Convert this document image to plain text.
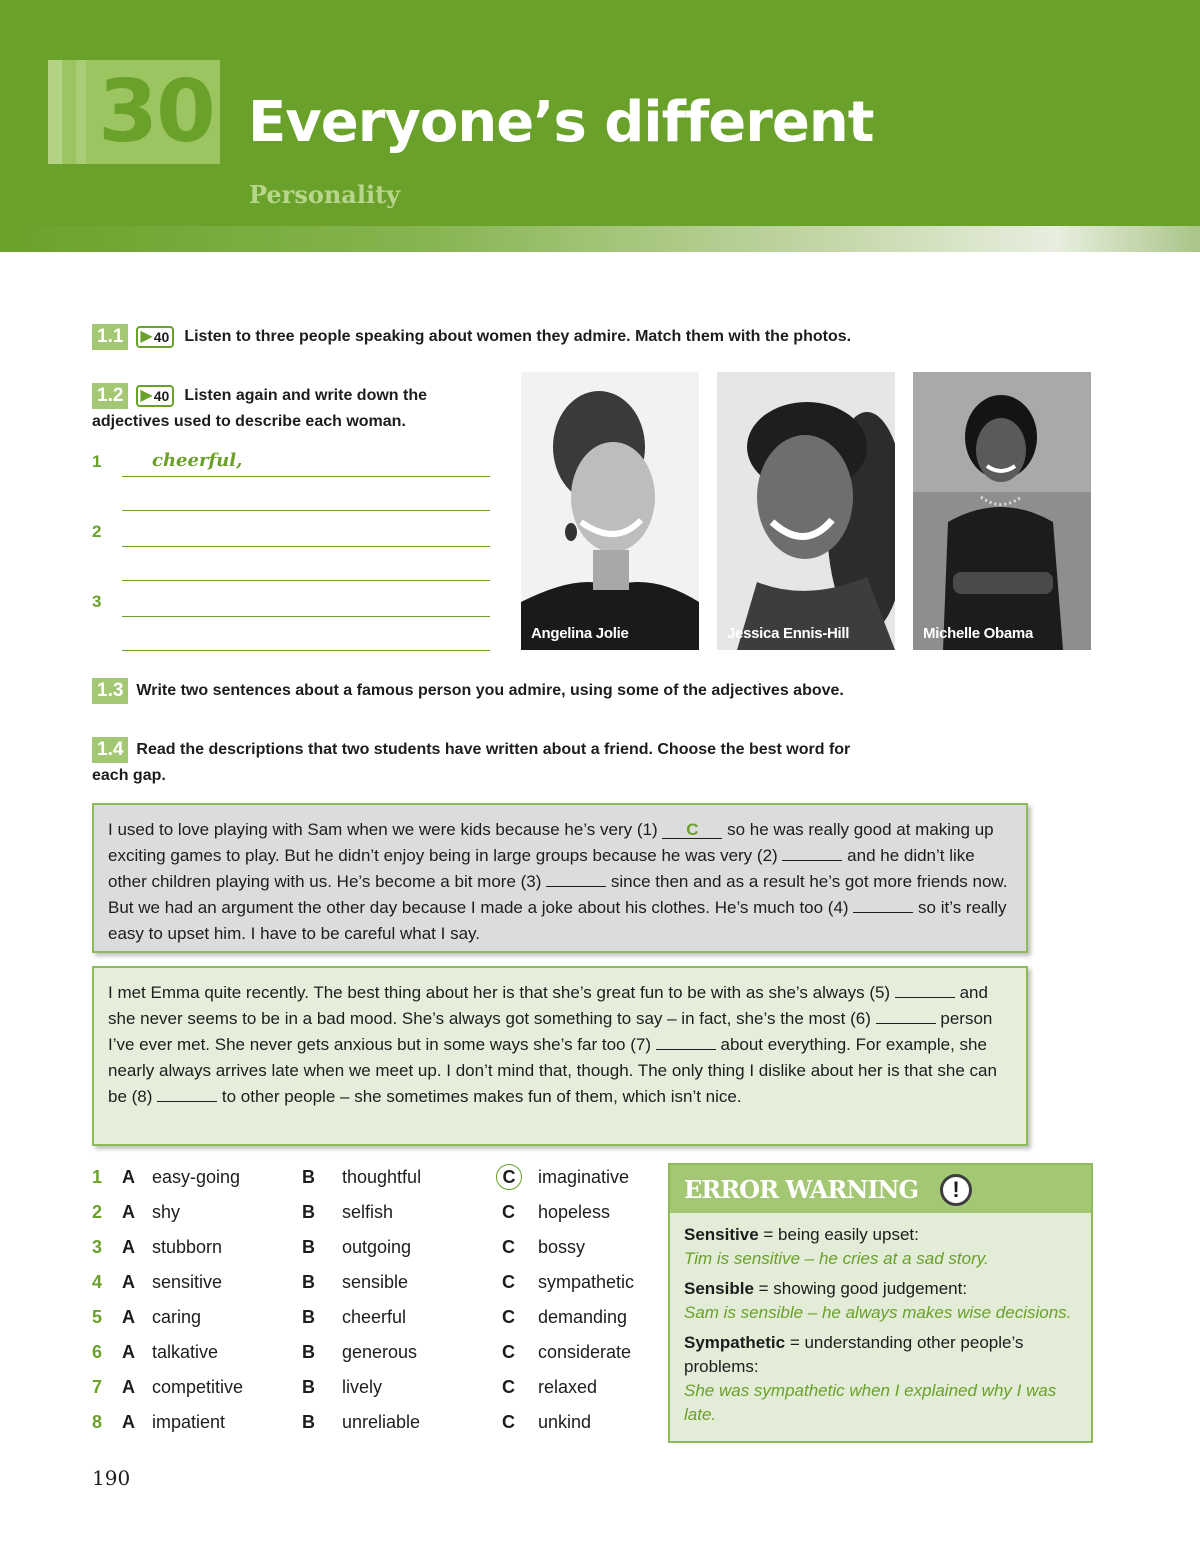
30 Everyone’s different
Personality
1.1 ▶ 40 Listen to three people speaking about women they admire. Match them with the photos.
1.2 ▶ 40 Listen again and write down the
adjectives used to describe each woman.
1	cheerful,
2
3
Angelina Jolie	Jessica Ennis-Hill	Michelle Obama
1.3 Write two sentences about a famous person you admire, using some of the adjectives above.
1.4 Read the descriptions that two students have written about a friend. Choose the best word for
each gap.
I used to love playing with Sam when we were kids because he’s very (1) C so he was really good at making up exciting games to play. But he didn’t enjoy being in large groups because he was very (2)	and he didn’t like other children playing with us. He’s become a bit more (3)	since then and as a result he’s got more friends now. But we had an argument the other day because I made a joke about his clothes. He’s much too (4)	so it’s really easy to upset him. I have to be careful what I say.
I met Emma quite recently. The best thing about her is that she’s great fun to be with as she’s always (5)	and she never seems to be in a bad mood. She’s always got something to say – in fact, she’s the most (6)	person I’ve ever met. She never gets anxious but in some ways she’s far too (7)	about everything. For example, she nearly always arrives late when we meet up. I don’t mind that, though. The only thing I dislike about her is that she can be (8)	to other people – she sometimes makes fun of them, which isn’t nice.
1 A easy-going	B thoughtful	C	imaginative
2 A shy	B selfish	C hopeless
3 A stubborn	B outgoing	C bossy
4 A sensitive	B sensible	C sympathetic
5 A caring	B cheerful	C demanding
6 A talkative	B generous	C considerate
7 A competitive	B lively	C relaxed
8 A impatient	B unreliable	C unkind
ERROR WARNING	!
Sensitive = being easily upset:
Tim is sensitive – he cries at a sad story.
Sensible = showing good judgement:
Sam is sensible – he always makes wise decisions.
Sympathetic = understanding other people’s problems:
She was sympathetic when I explained why I was late.
190
